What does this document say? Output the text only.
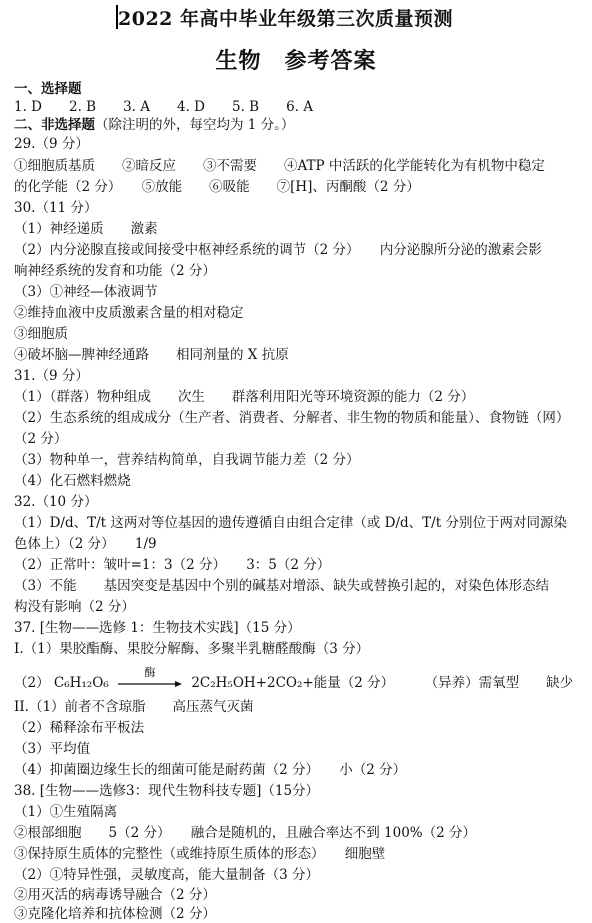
2022 年高中毕业年级第三次质量预测
生物　参考答案
一、选择题
1. D　　2. B　　3. A　　4. D　　5. B　　6. A
二、非选择题（除注明的外，每空均为 1 分。）
29.（9 分）
①细胞质基质　　②暗反应　　③不需要　　④ATP 中活跃的化学能转化为有机物中稳定
的化学能（2 分）　　⑤放能　　⑥吸能　　⑦[H]、丙酮酸（2 分）
30.（11 分）
（1）神经递质　　激素
（2）内分泌腺直接或间接受中枢神经系统的调节（2 分）　　内分泌腺所分泌的激素会影
响神经系统的发育和功能（2 分）
（3）①神经—体液调节
②维持血液中皮质激素含量的相对稳定
③细胞质
④破坏脑—脾神经通路　　相同剂量的 X 抗原
31.（9 分）
（1）（群落）物种组成　　次生　　群落利用阳光等环境资源的能力（2 分）
（2）生态系统的组成成分（生产者、消费者、分解者、非生物的物质和能量）、食物链（网）
（2 分）
（3）物种单一，营养结构简单，自我调节能力差（2 分）
（4）化石燃料燃烧
32.（10 分）
（1）D/d、T/t 这两对等位基因的遗传遵循自由组合定律（或 D/d、T/t 分别位于两对同源染
色体上）（2 分）　　1/9
（2）正常叶：皱叶=1：3（2 分）　　3：5（2 分）
（3）不能　　基因突变是基因中个别的碱基对增添、缺失或替换引起的，对染色体形态结
构没有影响（2 分）
37. [生物——选修 1：生物技术实践]（15 分）
I.（1）果胶酯酶、果胶分解酶、多聚半乳糖醛酸酶（3 分）
（2） C₆H₁₂O₆
酶
2C₂H₅OH+2CO₂+能量（2 分） （异养）需氧型　　缺少
II.（1）前者不含琼脂　　高压蒸气灭菌
（2）稀释涂布平板法
（3）平均值
（4）抑菌圈边缘生长的细菌可能是耐药菌（2 分）　　小（2 分）
38. [生物——选修3：现代生物科技专题]（15分）
（1）①生殖隔离
②根部细胞　　5（2 分）　　融合是随机的，且融合率达不到 100%（2 分）
③保持原生质体的完整性（或维持原生质体的形态）　　细胞壁
（2）①特异性强，灵敏度高，能大量制备（3 分）
②用灭活的病毒诱导融合（2 分）
③克隆化培养和抗体检测（2 分）
